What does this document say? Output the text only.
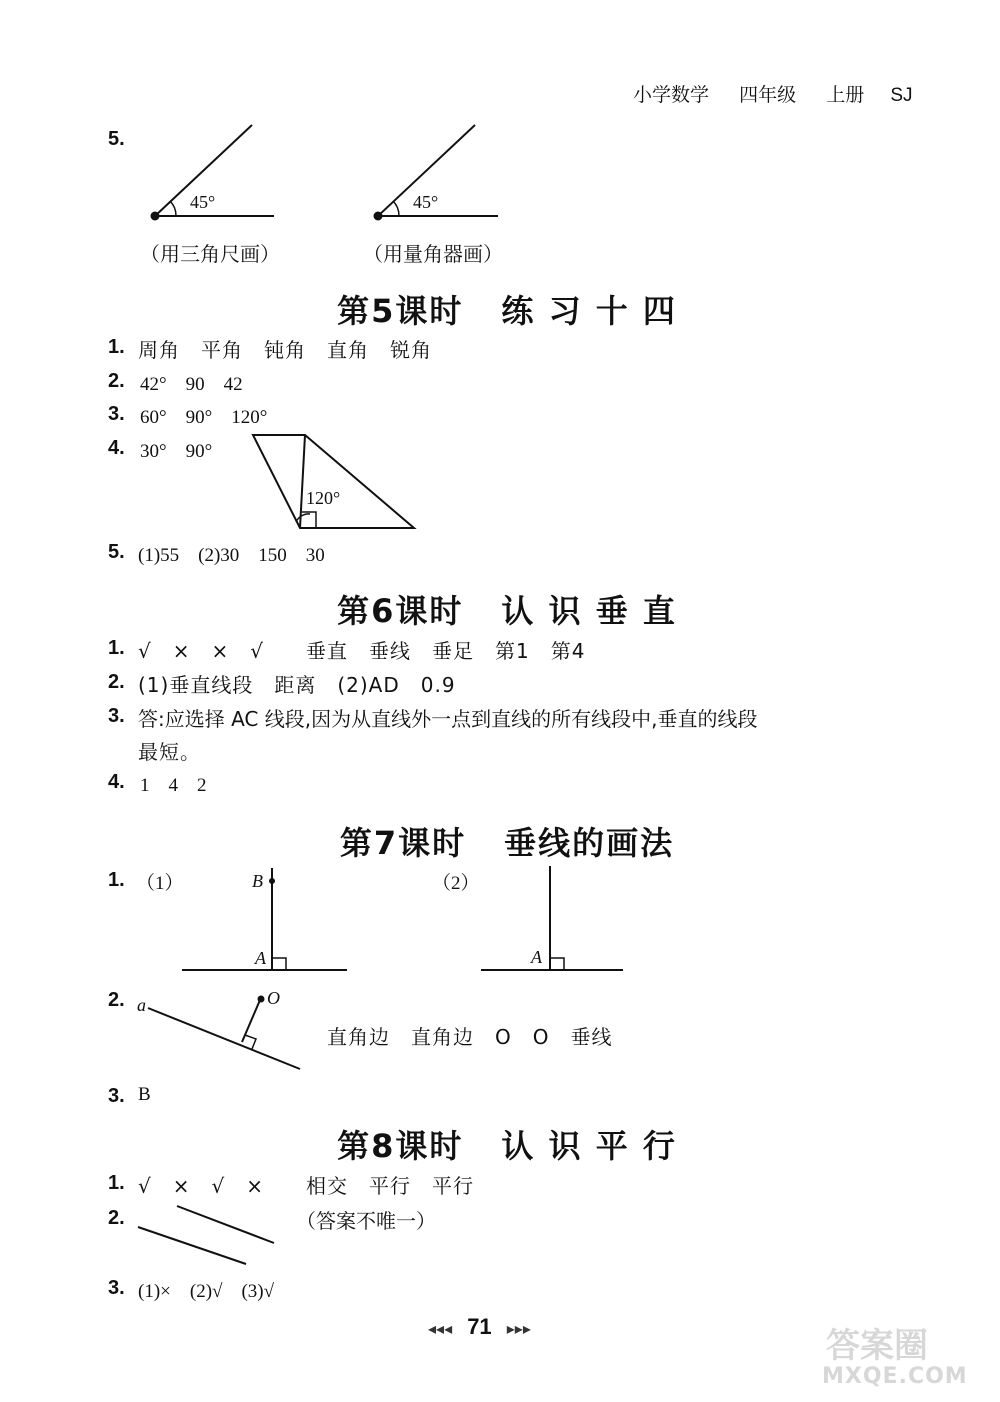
小学数学 四年级 上册 SJ
5.
45°	45°
（用三角尺画）	（用量角器画）
第5课时 练 习 十 四
1. 周角　平角　钝角　直角　锐角
2. 42°　90　42
3. 60°　90°　120°
4. 30°　90°
120°
5. (1)55　(2)30　150　30
第6课时 认 识 垂 直
1. √　×　×　√　　垂直　垂线　垂足　第1　第4
2. (1)垂直线段　距离　(2)AD　0.9
3. 答:应选择 AC 线段,因为从直线外一点到直线的所有线段中,垂直的线段
最短。
4. 1　4　2
第7课时 垂线的画法
1. （1）	（2）
B
A	A
2. a	O
直角边　直角边　O　O　垂线
3. B
第8课时 认 识 平 行
1. √　×　√　×　　相交　平行　平行
2.	（答案不唯一）
3. (1)×　(2)√　(3)√
◂◂◂ 71 ▸▸▸	答案圈
MXQE.COM
